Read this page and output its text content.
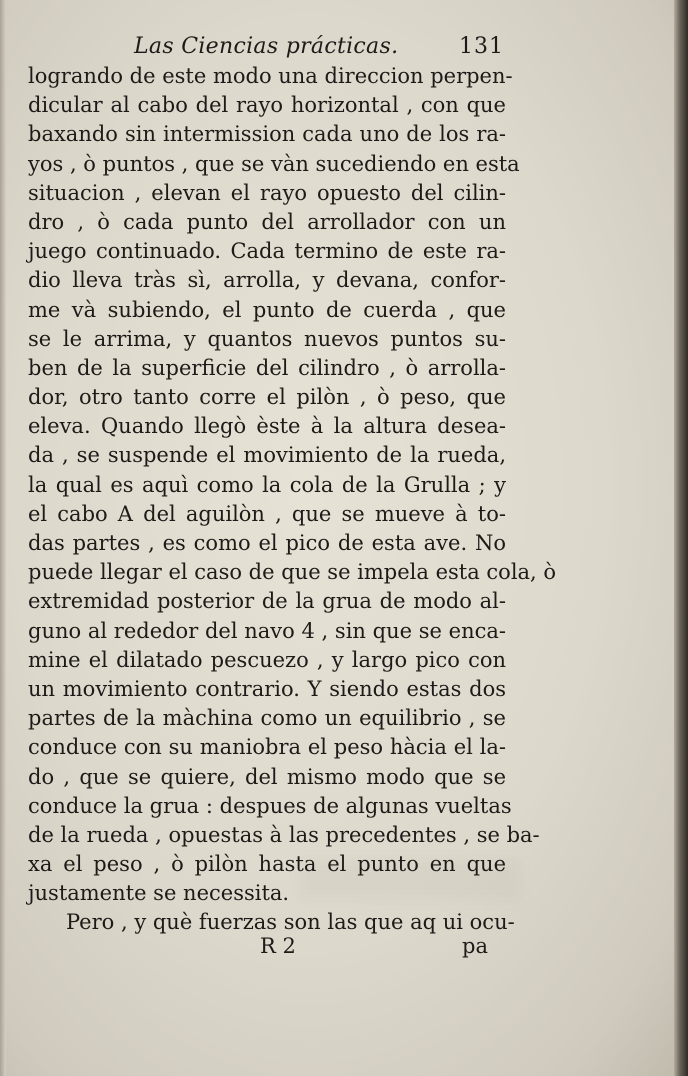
Las Ciencias prácticas.	131
logrando de este modo una direccion perpen-
dicular al cabo del rayo horizontal , con que
baxando sin intermission cada uno de los ra-
yos , ò puntos , que se vàn sucediendo en esta
situacion , elevan el rayo opuesto del cilin-
dro , ò cada punto del arrollador con un
juego continuado. Cada termino de este ra-
dio lleva tràs sì, arrolla, y devana, confor-
me và subiendo, el punto de cuerda , que
se le arrima, y quantos nuevos puntos su-
ben de la superficie del cilindro , ò arrolla-
dor, otro tanto corre el pilòn , ò peso, que
eleva. Quando llegò èste à la altura desea-
da , se suspende el movimiento de la rueda,
la qual es aquì como la cola de la Grulla ; y
el cabo A del aguilòn , que se mueve à to-
das partes , es como el pico de esta ave. No
puede llegar el caso de que se impela esta cola, ò
extremidad posterior de la grua de modo al-
guno al rededor del navo 4 , sin que se enca-
mine el dilatado pescuezo , y largo pico con
un movimiento contrario. Y siendo estas dos
partes de la màchina como un equilibrio , se
conduce con su maniobra el peso hàcia el la-
do , que se quiere, del mismo modo que se
conduce la grua : despues de algunas vueltas
de la rueda , opuestas à las precedentes , se ba-
xa el peso , ò pilòn hasta el punto en que
justamente se necessita.
Pero , y què fuerzas son las que aq ui ocu-
R 2	pa
